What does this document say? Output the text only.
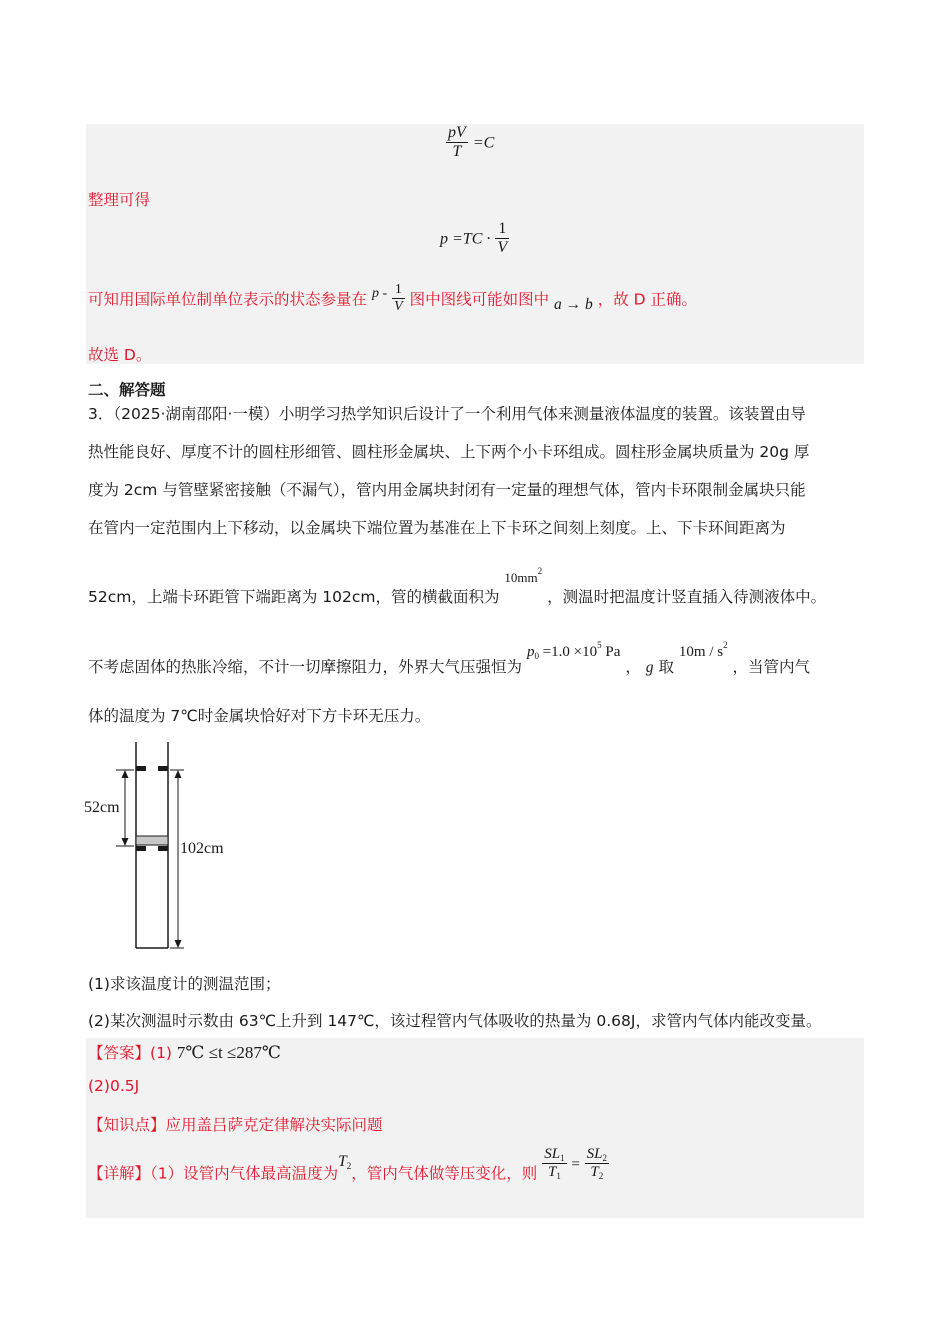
$\frac{pV}{T} =C$
整理可得
$p =TC \cdot \frac{1}{V}$
可知用国际单位制单位表示的状态参量在 p - $\frac{1}{V}$ 图中图线可能如图中 a → b ，故 D 正确。
故选 D。
二、解答题
3．（2025·湖南邵阳·一模）小明学习热学知识后设计了一个利用气体来测量液体温度的装置。该装置由导
热性能良好、厚度不计的圆柱形细管、圆柱形金属块、上下两个小卡环组成。圆柱形金属块质量为 20g 厚
度为 2cm 与管壁紧密接触（不漏气），管内用金属块封闭有一定量的理想气体，管内卡环限制金属块只能
在管内一定范围内上下移动，以金属块下端位置为基准在上下卡环之间刻上刻度。上、下卡环间距离为
52cm，上端卡环距管下端距离为 102cm，管的横截面积为 $^{10mm^2}$ ，测温时把温度计竖直插入待测液体中。
不考虑固体的热胀冷缩，不计一切摩擦阻力，外界大气压强恒为 $p_0 =1.0 \times 10^5$ Pa ， g 取 $10m / s^2$ ，当管内气
体的温度为 7℃时金属块恰好对下方卡环无压力。
52cm
102cm
(1)求该温度计的测温范围；
(2)某次测温时示数由 63℃上升到 147℃，该过程管内气体吸收的热量为 0.68J，求管内气体内能改变量。
【答案】(1) 7℃ ≤t ≤287℃
(2)0.5J
【知识点】应用盖吕萨克定律解决实际问题
【详解】（1）设管内气体最高温度为$T_2$，管内气体做等压变化，则 $\frac{SL_1}{T_1} = \frac{SL_2}{T_2}$
